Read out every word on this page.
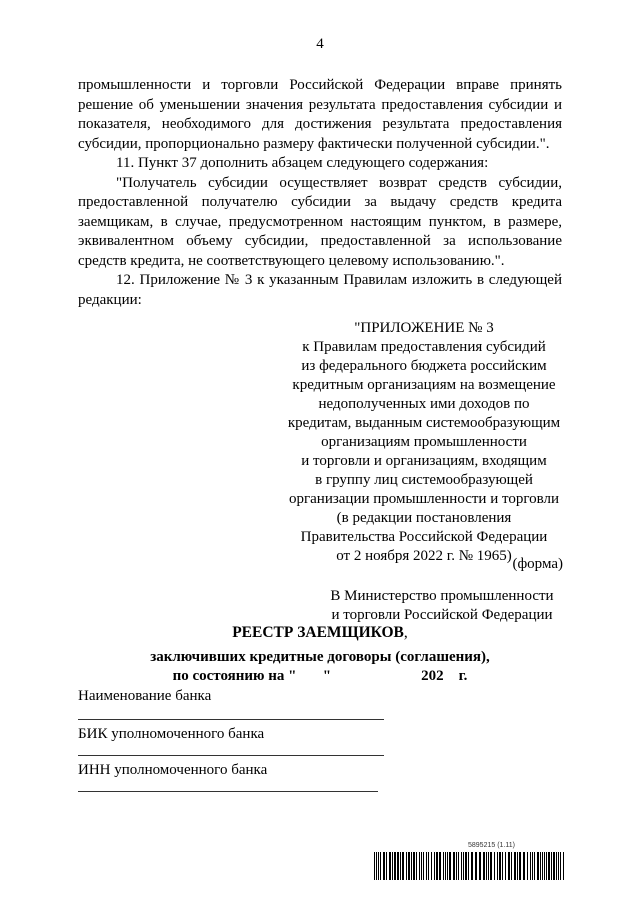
4

промышленности и торговли Российской Федерации вправе принять решение об уменьшении значения результата предоставления субсидии и показателя, необходимого для достижения результата предоставления субсидии, пропорционально размеру фактически полученной субсидии.".

11. Пункт 37 дополнить абзацем следующего содержания:

"Получатель субсидии осуществляет возврат средств субсидии, предоставленной получателю субсидии за выдачу средств кредита заемщикам, в случае, предусмотренном настоящим пунктом, в размере, эквивалентном объему субсидии, предоставленной за использование средств кредита, не соответствующего целевому использованию.".

12. Приложение № 3 к указанным Правилам изложить в следующей редакции:

"ПРИЛОЖЕНИЕ № 3
к Правилам предоставления субсидий
из федерального бюджета российским
кредитным организациям на возмещение
недополученных ими доходов по
кредитам, выданным системообразующим
организациям промышленности
и торговли и организациям, входящим
в группу лиц системообразующей
организации промышленности и торговли
(в редакции постановления
Правительства Российской Федерации
от 2 ноября 2022 г. № 1965) (форма)
В Министерство промышленности
и торговли Российской Федерации
РЕЕСТР ЗАЕМЩИКОВ,
заключивших кредитные договоры (соглашения),
по состоянию на "       "                        202    г.
Наименование банка
БИК уполномоченного банка
ИНН уполномоченного банка
5895215 (1.11)
